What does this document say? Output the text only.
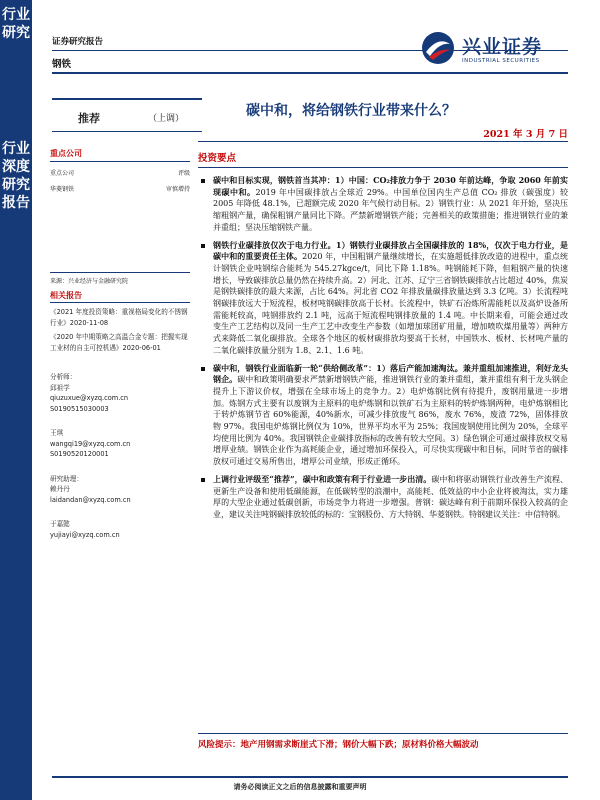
行业研究
行业深度研究报告
证券研究报告
钢铁
兴业证券
INDUSTRIAL SECURITIES
推荐	（上调）	碳中和，将给钢铁行业带来什么？
2021 年 3 月 7 日
重点公司
重点公司	评级
华菱钢铁	审慎增持
来源：兴业经济与金融研究院
相关报告

《2021 年度投资策略：重视格局变化的不锈钢行业》2020-11-08

《2020 年中期策略之高温合金专题：把握实现工业材的自主可控机遇》2020-06-01

分析师：
邱祖学
qiuzuxue@xyzq.com.cn
S0190515030003
王琪
wangqi19@xyzq.com.cn
S0190520120001
研究助理：
赖丹丹
laidandan@xyzq.com.cn
于嘉懿
yujiayi@xyzq.com.cn
投资要点
碳中和目标实现，钢铁首当其冲：1）中国：CO₂排放力争于 2030 年前达峰，争取 2060 年前实现碳中和。2019 年中国碳排放占全球近 29%。中国单位国内生产总值 CO₂ 排放（碳强度）较 2005 年降低 48.1%，已超额完成 2020 年气候行动目标。2）钢铁行业：从 2021 年开始，坚决压缩粗钢产量，确保粗钢产量同比下降。严禁新增钢铁产能；完善相关的政策措施；推进钢铁行业的兼并重组；坚决压缩钢铁产量。
钢铁行业碳排放仅次于电力行业。1）钢铁行业碳排放占全国碳排放的 18%，仅次于电力行业，是碳中和的重要责任主体。2020 年，中国粗钢产量继续增长，在实施超低排放改造的进程中，重点统计钢铁企业吨钢综合能耗为 545.27kgce/t，同比下降 1.18%。吨钢能耗下降，但粗钢产量的快速增长，导致碳排放总量仍然在持续升高。2）河北、江苏、辽宁三省钢铁碳排放占比超过 40%，焦炭是钢铁碳排放的最大来源，占比 64%。河北省 CO2 年排放量碳排放量达到 3.3 亿吨。3）长流程吨钢碳排放远大于短流程，板材吨钢碳排放高于长材。长流程中，铁矿石冶炼所需能耗以及高炉设备所需能耗较高，吨钢排放约 2.1 吨，远高于短流程吨钢排放量的 1.4 吨。中长期来看，可能会通过改变生产工艺结构以及同一生产工艺中改变生产参数（如增加球团矿用量，增加喷吹煤用量等）两种方式来降低二氧化碳排放。全球各个地区的板材碳排放均要高于长材，中国铁水、板材、长材吨产量的二氧化碳排放量分别为 1.8、2.1、1.6 吨。
碳中和，钢铁行业面临新一轮“供给侧改革”：1）落后产能加速淘汰。兼并重组加速推进，利好龙头钢企。碳中和政策明确要求严禁新增钢铁产能，推进钢铁行业的兼并重组，兼并重组有利于龙头钢企提升上下游议价权，增强在全球市场上的竞争力。2）电炉炼钢比例有待提升，废钢用量进一步增加。炼钢方式主要有以废钢为主原料的电炉炼钢和以铁矿石为主原料的转炉炼钢两种，电炉炼钢相比于转炉炼钢节省 60%能源，40%新水，可减少排放废气 86%，废水 76%，废渣 72%，固体排放物 97%。我国电炉炼钢比例仅为 10%，世界平均水平为 25%；我国废钢使用比例为 20%，全球平均使用比例为 40%。我国钢铁企业碳排放指标的改善有较大空间。3）绿色钢企可通过碳排放权交易增厚业绩。钢铁企业作为高耗能企业，通过增加环保投入，可尽快实现碳中和目标，同时节省的碳排放权可通过交易所售出，增厚公司业绩，形成正循环。
上调行业评级至“推荐”，碳中和政策有利于行业进一步出清。碳中和将驱动钢铁行业改善生产流程、更新生产设备和使用低碳能源，在低碳转型的浪潮中，高能耗、低效益的中小企业将被淘汰，实力雄厚的大型企业通过低碳创新，市场竞争力将进一步增强。普钢：碳达峰有利于前期环保投入较高的企业，建议关注吨钢碳排放较低的标的：宝钢股份、方大特钢、华菱钢铁。特钢建议关注：中信特钢。
风险提示：地产用钢需求断崖式下滑；钢价大幅下跌；原材料价格大幅波动
请务必阅读正文之后的信息披露和重要声明
